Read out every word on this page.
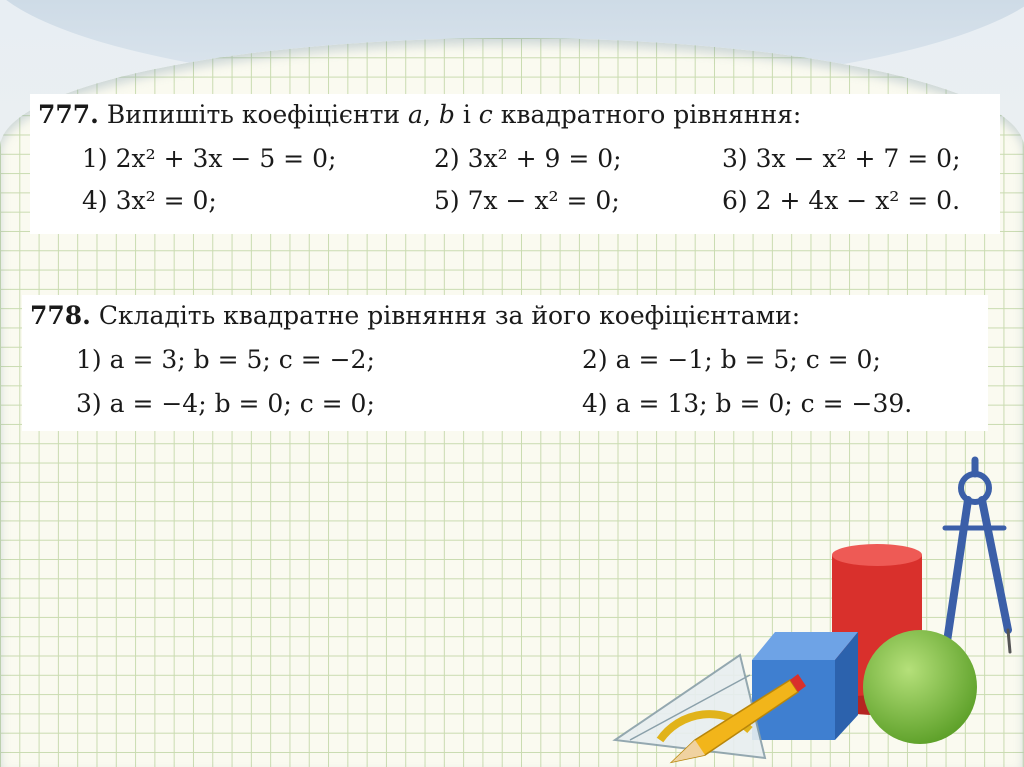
777. Випишіть коефіцієнти a, b і c квадратного рівняння:
1) 2x² + 3x − 5 = 0;	2) 3x² + 9 = 0;	3) 3x − x² + 7 = 0;
4) 3x² = 0;	5) 7x − x² = 0;	6) 2 + 4x − x² = 0.
778. Складіть квадратне рівняння за його коефіцієнтами:
1) a = 3; b = 5; c = −2;	2) a = −1; b = 5; c = 0;
3) a = −4; b = 0; c = 0;	4) a = 13; b = 0; c = −39.
